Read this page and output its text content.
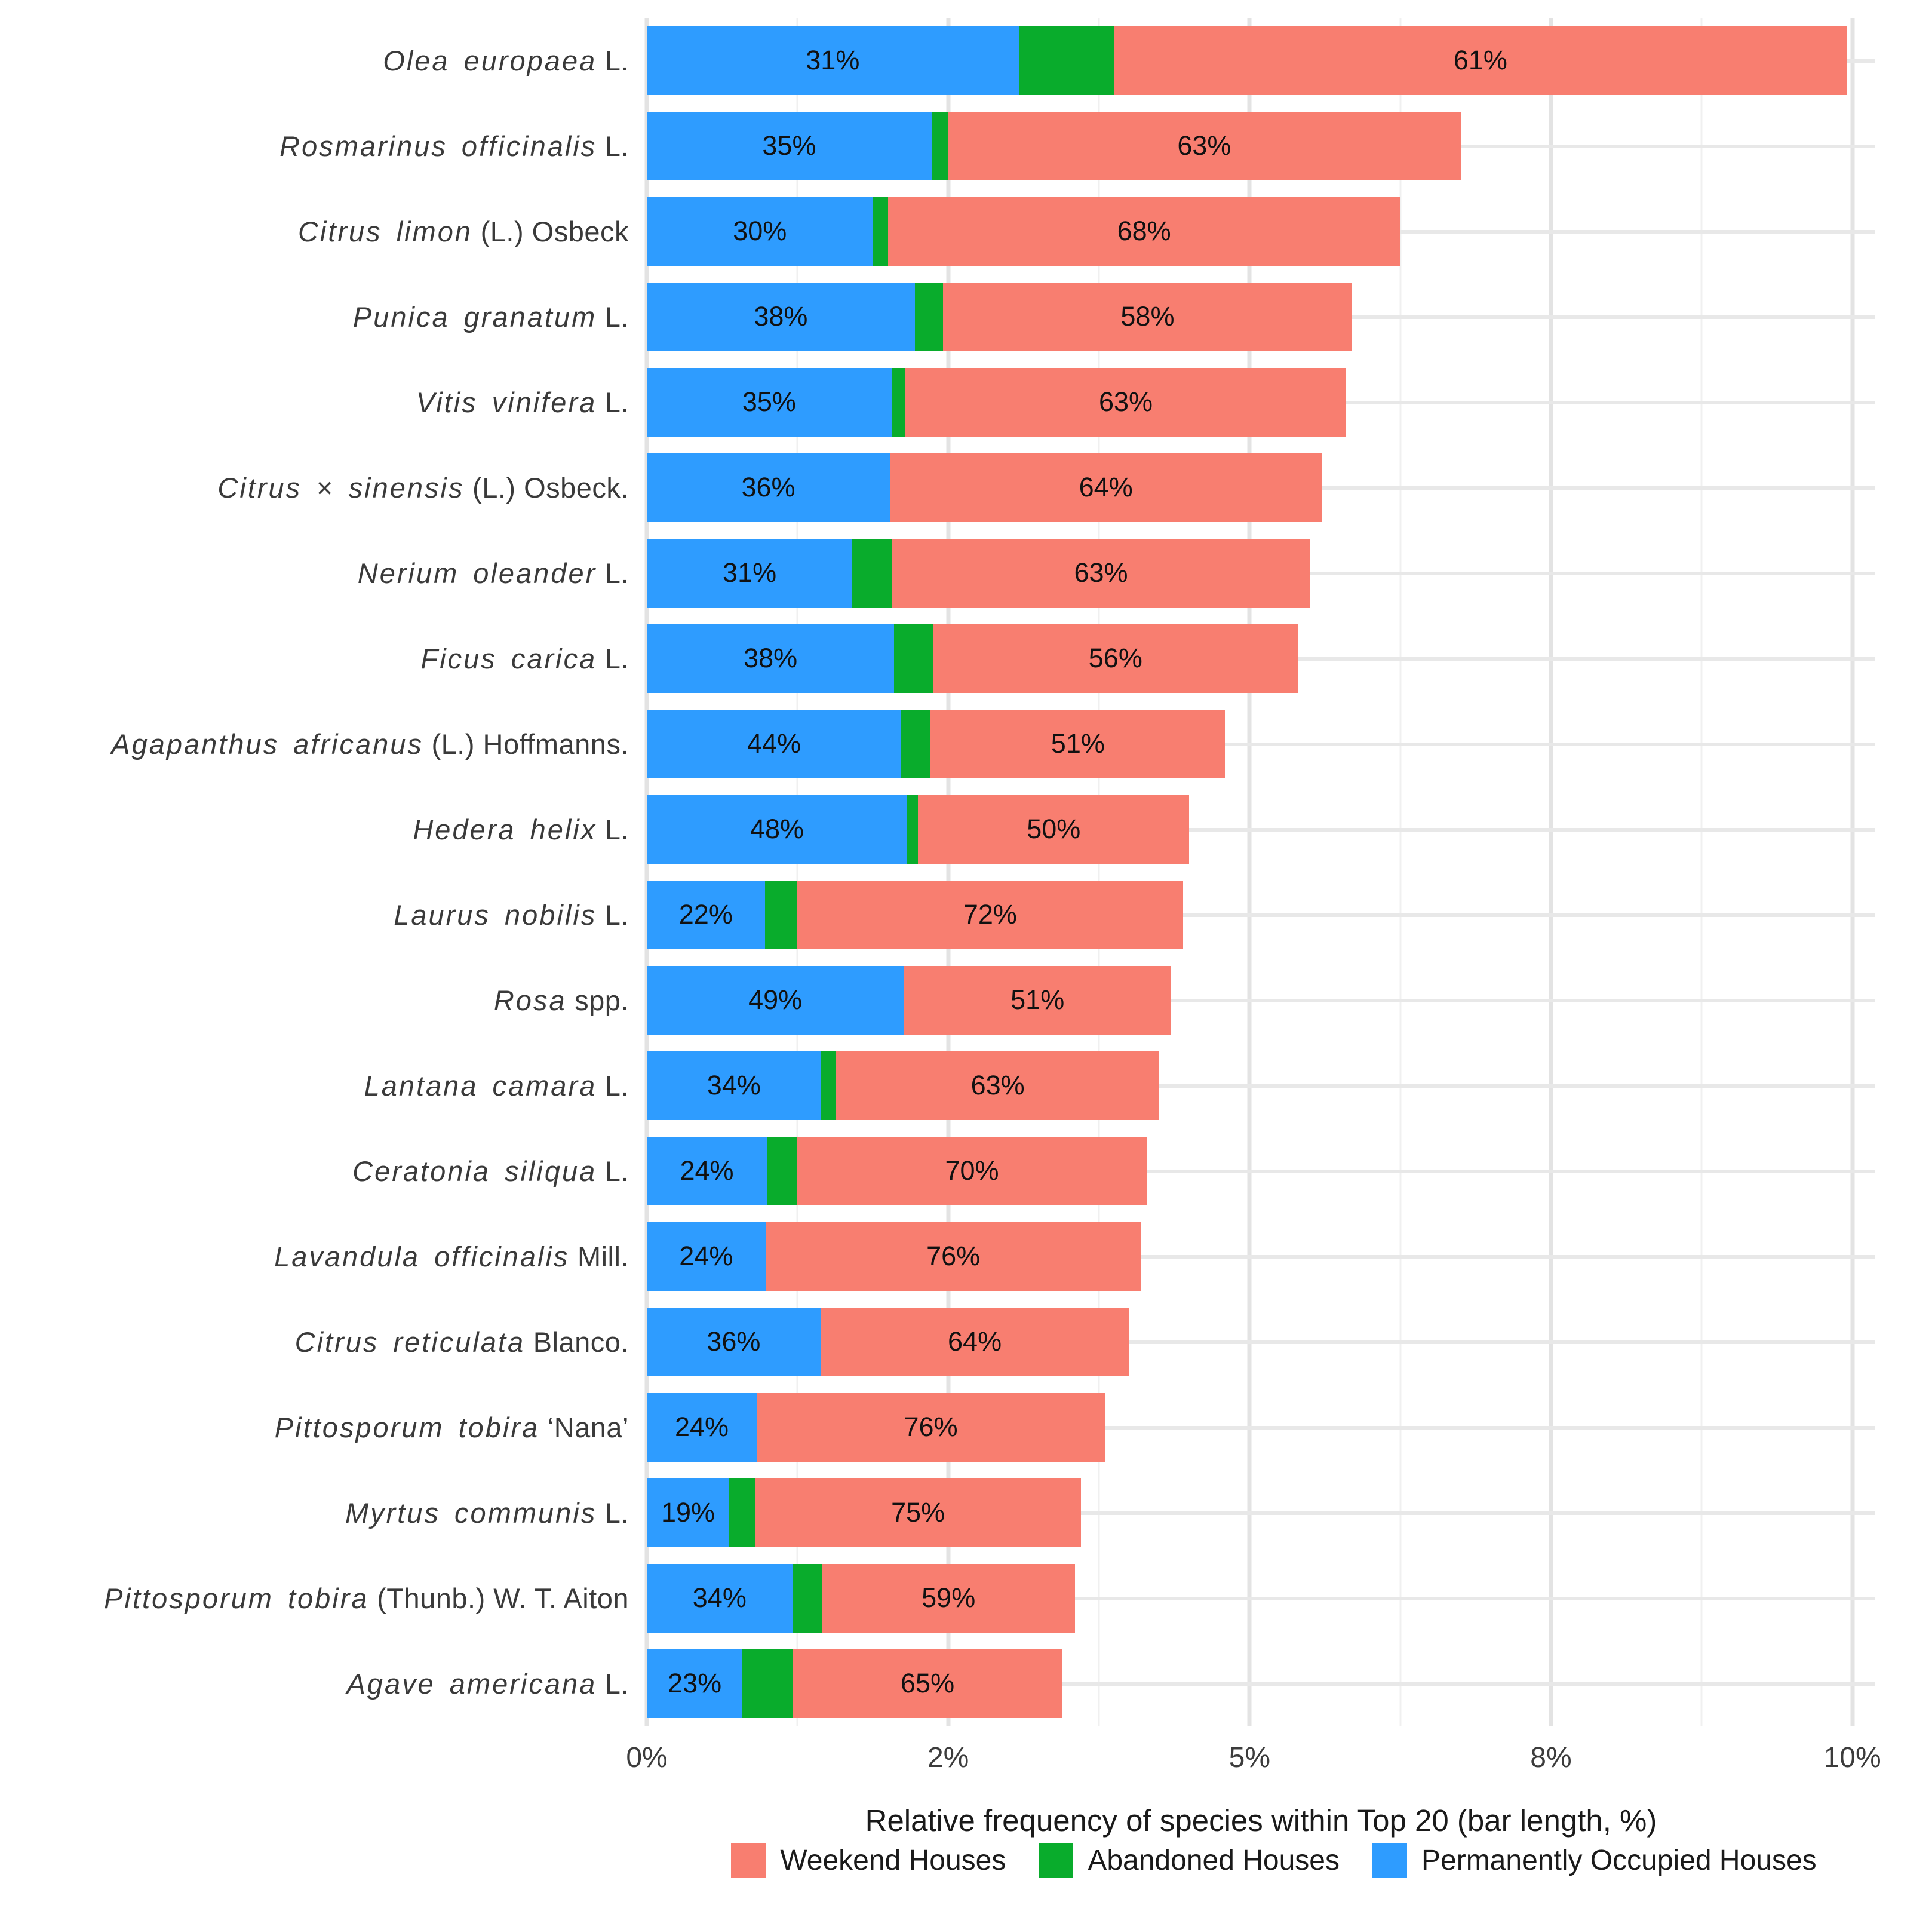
Olea europaea L.	31%	61%
Rosmarinus officinalis L.	35%	63%
Citrus limon (L.) Osbeck	30%	68%
Punica granatum L.	38%	58%
Vitis vinifera L.	35%	63%
Citrus × sinensis (L.) Osbeck.	36%	64%
Nerium oleander L.	31%	63%
Ficus carica L.	38%	56%
Agapanthus africanus (L.) Hoffmanns.	44%	51%
Hedera helix L.	48%	50%
Laurus nobilis L.	22%	72%
Rosa spp.	49%	51%
Lantana camara L.	34%	63%
Ceratonia siliqua L.	24%	70%
Lavandula officinalis Mill.	24%	76%
Citrus reticulata Blanco.	36%	64%
Pittosporum tobira ‘Nana’	24%	76%
Myrtus communis L.	19%	75%
Pittosporum tobira (Thunb.) W. T. Aiton	34%	59%
Agave americana L.	23%	65%
0%	2%	5%	8%	10%
Relative frequency of species within Top 20 (bar length, %)
Weekend Houses	Abandoned Houses	Permanently Occupied Houses
